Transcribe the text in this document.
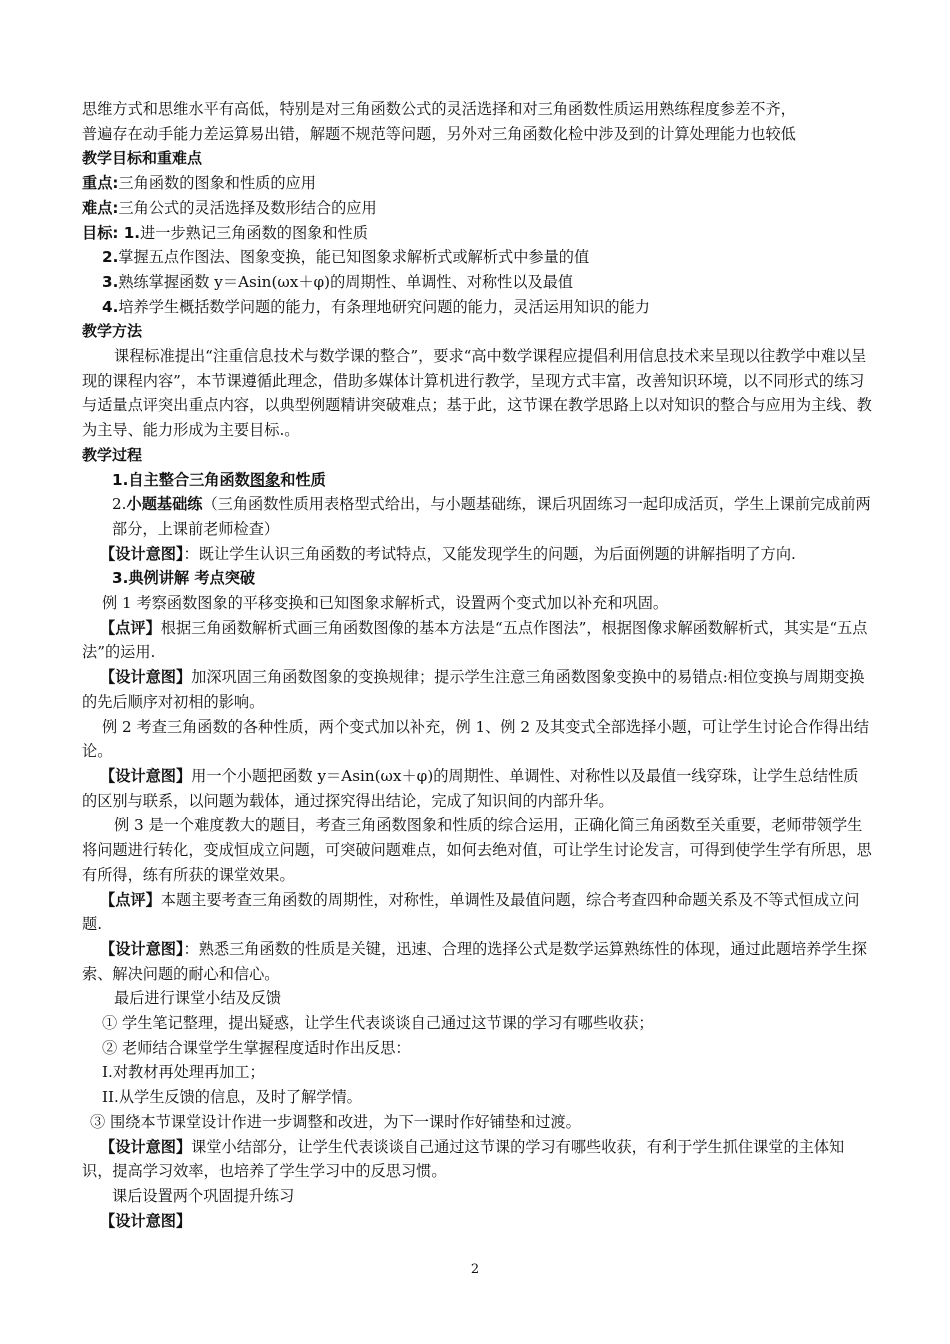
思维方式和思维水平有高低，特别是对三角函数公式的灵活选择和对三角函数性质运用熟练程度参差不齐，

普遍存在动手能力差运算易出错，解题不规范等问题，另外对三角函数化检中涉及到的计算处理能力也较低

教学目标和重难点

重点:三角函数的图象和性质的应用

难点:三角公式的灵活选择及数形结合的应用

目标: 1.进一步熟记三角函数的图象和性质

2.掌握五点作图法、图象变换，能已知图象求解析式或解析式中参量的值

3.熟练掌握函数 y＝Asin(ωx＋φ)的周期性、单调性、对称性以及最值

4.培养学生概括数学问题的能力，有条理地研究问题的能力，灵活运用知识的能力

教学方法

课程标准提出“注重信息技术与数学课的整合”，要求“高中数学课程应提倡利用信息技术来呈现以往教学中难以呈现的课程内容”，本节课遵循此理念，借助多媒体计算机进行教学，呈现方式丰富，改善知识环境，以不同形式的练习与适量点评突出重点内容，以典型例题精讲突破难点；基于此，这节课在教学思路上以对知识的整合与应用为主线、教为主导、能力形成为主要目标.。

教学过程

1.自主整合三角函数图象和性质

2.小题基础练（三角函数性质用表格型式给出，与小题基础练，课后巩固练习一起印成活页，学生上课前完成前两部分，上课前老师检查）

【设计意图】：既让学生认识三角函数的考试特点，又能发现学生的问题，为后面例题的讲解指明了方向.

3.典例讲解 考点突破

例 1 考察函数图象的平移变换和已知图象求解析式，设置两个变式加以补充和巩固。

【点评】根据三角函数解析式画三角函数图像的基本方法是“五点作图法”，根据图像求解函数解析式，其实是“五点法”的运用.

【设计意图】加深巩固三角函数图象的变换规律；提示学生注意三角函数图象变换中的易错点:相位变换与周期变换的先后顺序对初相的影响。

例 2 考查三角函数的各种性质，两个变式加以补充，例 1、例 2 及其变式全部选择小题，可让学生讨论合作得出结论。

【设计意图】用一个小题把函数 y＝Asin(ωx＋φ)的周期性、单调性、对称性以及最值一线穿珠，让学生总结性质的区别与联系，以问题为载体，通过探究得出结论，完成了知识间的内部升华。

例 3 是一个难度教大的题目，考查三角函数图象和性质的综合运用，正确化简三角函数至关重要，老师带领学生将问题进行转化，变成恒成立问题，可突破问题难点，如何去绝对值，可让学生讨论发言，可得到使学生学有所思，思有所得，练有所获的课堂效果。

【点评】本题主要考查三角函数的周期性，对称性，单调性及最值问题，综合考查四种命题关系及不等式恒成立问题.

【设计意图】：熟悉三角函数的性质是关键，迅速、合理的选择公式是数学运算熟练性的体现，通过此题培养学生探索、解决问题的耐心和信心。

最后进行课堂小结及反馈

① 学生笔记整理，提出疑惑，让学生代表谈谈自己通过这节课的学习有哪些收获；

② 老师结合课堂学生掌握程度适时作出反思：

I.对教材再处理再加工；

II.从学生反馈的信息，及时了解学情。

③ 围绕本节课堂设计作进一步调整和改进，为下一课时作好铺垫和过渡。

【设计意图】课堂小结部分，让学生代表谈谈自己通过这节课的学习有哪些收获，有利于学生抓住课堂的主体知识，提高学习效率，也培养了学生学习中的反思习惯。

课后设置两个巩固提升练习

【设计意图】

2
